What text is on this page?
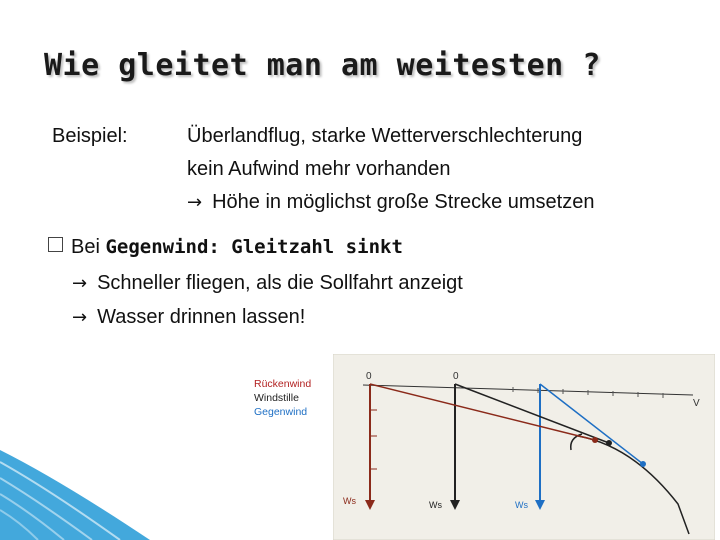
Wie gleitet man am weitesten ?
Beispiel:	Überlandflug, starke Wetterverschlechterung
kein Aufwind mehr vorhanden
→ Höhe in möglichst große Strecke umsetzen
Bei Gegenwind: Gleitzahl sinkt
→ Schneller fliegen, als die Sollfahrt anzeigt
→ Wasser drinnen lassen!
Rückenwind
Windstille
Gegenwind
0	0
V
Ws	Ws	Ws
